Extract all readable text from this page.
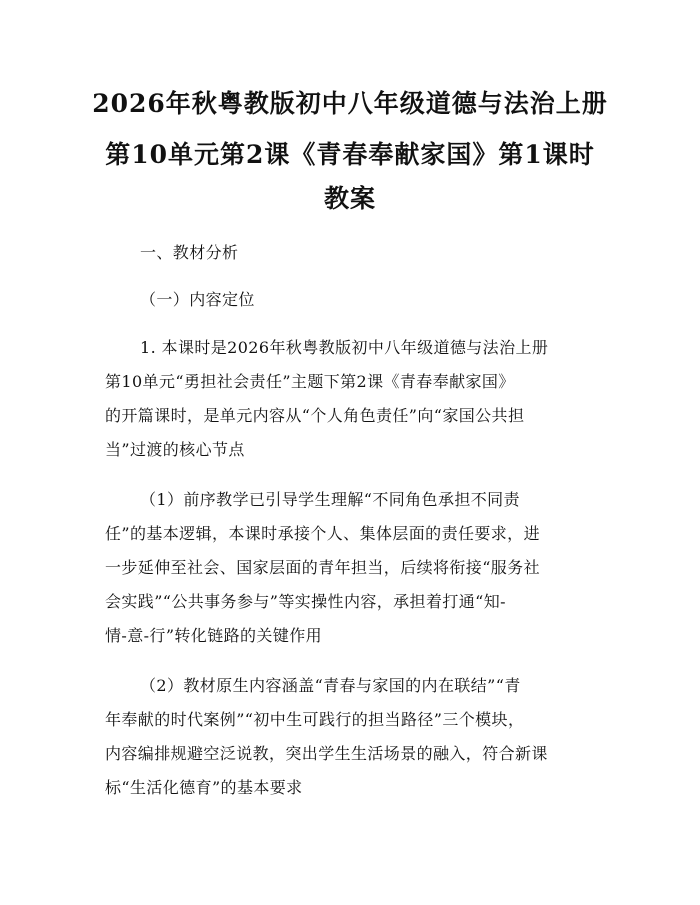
2026年秋粤教版初中八年级道德与法治上册
第10单元第2课《青春奉献家国》第1课时
教案
一、教材分析
（一）内容定位
1. 本课时是2026年秋粤教版初中八年级道德与法治上册
第10单元“勇担社会责任”主题下第2课《青春奉献家国》
的开篇课时，是单元内容从“个人角色责任”向“家国公共担
当”过渡的核心节点
（1）前序教学已引导学生理解“不同角色承担不同责
任”的基本逻辑，本课时承接个人、集体层面的责任要求，进
一步延伸至社会、国家层面的青年担当，后续将衔接“服务社
会实践”“公共事务参与”等实操性内容，承担着打通“知-
情-意-行”转化链路的关键作用
（2）教材原生内容涵盖“青春与家国的内在联结”“青
年奉献的时代案例”“初中生可践行的担当路径”三个模块，
内容编排规避空泛说教，突出学生生活场景的融入，符合新课
标“生活化德育”的基本要求
